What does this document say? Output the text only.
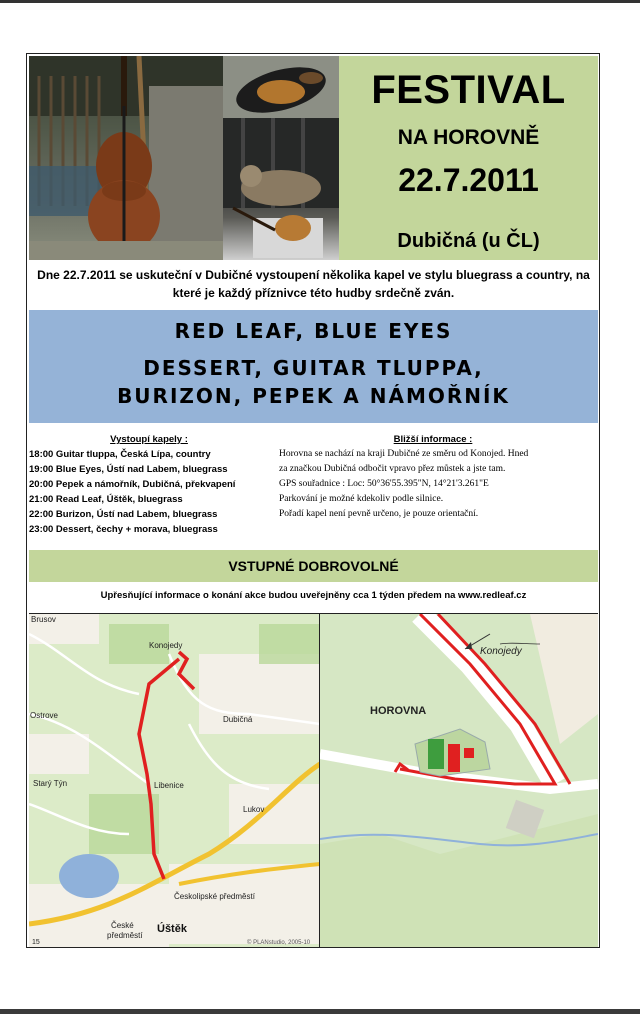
FESTIVAL
NA HOROVNĚ
22.7.2011
Dubičná (u ČL)
Dne 22.7.2011 se uskuteční v Dubičné vystoupení několika kapel ve stylu bluegrass a country, na které je každý příznivce této hudby srdečně zván.
RED LEAF, BLUE EYES
DESSERT, GUITAR TLUPPA,
BURIZON, PEPEK A NÁMOŘNÍK
Vystoupí kapely :
18:00 Guitar tluppa, Česká Lípa, country
19:00 Blue Eyes, Ústí nad Labem, bluegrass
20:00 Pepek a námořník, Dubičná, překvapení
21:00 Read Leaf, Úštěk, bluegrass
22:00 Burizon, Ústí nad Labem, bluegrass
23:00 Dessert, čechy + morava, bluegrass
Bližší informace :
Horovna se nachází na kraji Dubičné ze směru od Konojed. Hned
za značkou Dubičná odbočit vpravo přez můstek a jste tam.
GPS souřadnice : Loc: 50°36'55.395"N, 14°21'3.261"E
Parkování je možné kdekoliv podle silnice.
Pořadí kapel není pevně určeno, je pouze orientační.
VSTUPNÉ DOBROVOLNÉ
Upřesňující informace o konání akce budou uveřejněny cca 1 týden předem na www.redleaf.cz
Brusov
Konojedy
Dubičná
Ostrove
Libenice
Lukov
Starý Týn
Českolipské předměstí
České
předměstí
15	© PLANstudio, 2005-10
Úštěk
Konojedy
HOROVNA
